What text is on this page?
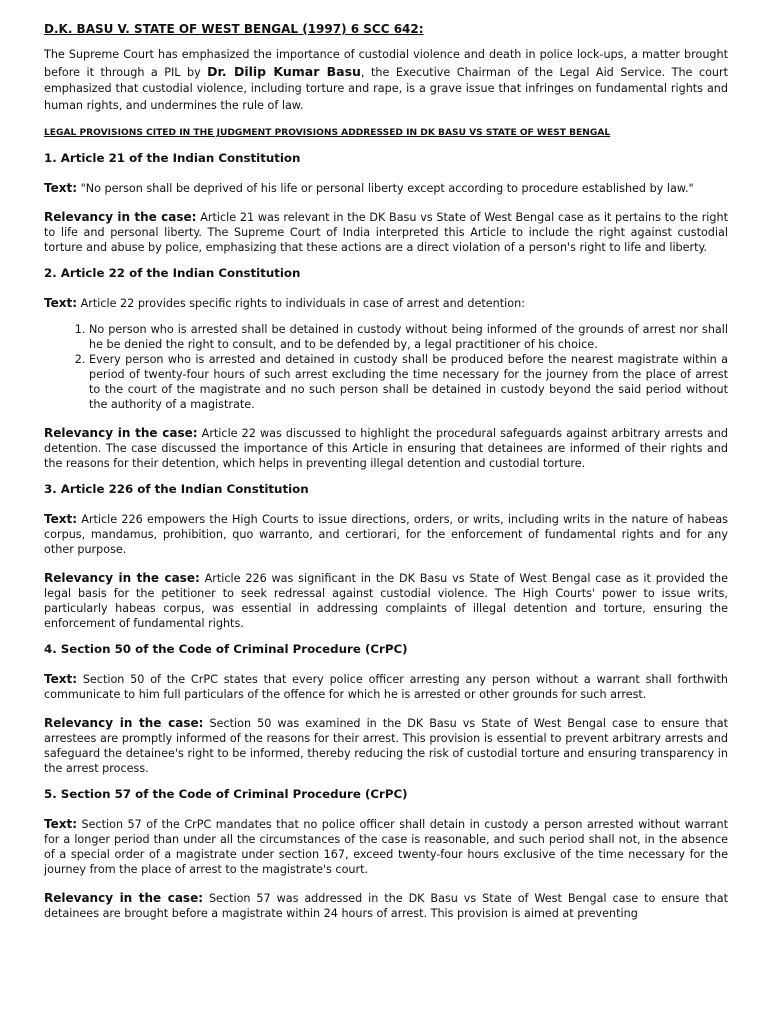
D.K. BASU V. STATE OF WEST BENGAL (1997) 6 SCC 642:

The Supreme Court has emphasized the importance of custodial violence and death in police lock-ups, a matter brought before it through a PIL by Dr. Dilip Kumar Basu, the Executive Chairman of the Legal Aid Service. The court emphasized that custodial violence, including torture and rape, is a grave issue that infringes on fundamental rights and human rights, and undermines the rule of law.

LEGAL PROVISIONS CITED IN THE JUDGMENT PROVISIONS ADDRESSED IN DK BASU VS STATE OF WEST BENGAL

1. Article 21 of the Indian Constitution

Text: "No person shall be deprived of his life or personal liberty except according to procedure established by law."

Relevancy in the case: Article 21 was relevant in the DK Basu vs State of West Bengal case as it pertains to the right to life and personal liberty. The Supreme Court of India interpreted this Article to include the right against custodial torture and abuse by police, emphasizing that these actions are a direct violation of a person's right to life and liberty.

2. Article 22 of the Indian Constitution

Text: Article 22 provides specific rights to individuals in case of arrest and detention:

1. No person who is arrested shall be detained in custody without being informed of the grounds of arrest nor shall he be denied the right to consult, and to be defended by, a legal practitioner of his choice.
2. Every person who is arrested and detained in custody shall be produced before the nearest magistrate within a period of twenty-four hours of such arrest excluding the time necessary for the journey from the place of arrest to the court of the magistrate and no such person shall be detained in custody beyond the said period without the authority of a magistrate.

Relevancy in the case: Article 22 was discussed to highlight the procedural safeguards against arbitrary arrests and detention. The case discussed the importance of this Article in ensuring that detainees are informed of their rights and the reasons for their detention, which helps in preventing illegal detention and custodial torture.

3. Article 226 of the Indian Constitution

Text: Article 226 empowers the High Courts to issue directions, orders, or writs, including writs in the nature of habeas corpus, mandamus, prohibition, quo warranto, and certiorari, for the enforcement of fundamental rights and for any other purpose.

Relevancy in the case: Article 226 was significant in the DK Basu vs State of West Bengal case as it provided the legal basis for the petitioner to seek redressal against custodial violence. The High Courts' power to issue writs, particularly habeas corpus, was essential in addressing complaints of illegal detention and torture, ensuring the enforcement of fundamental rights.

4. Section 50 of the Code of Criminal Procedure (CrPC)

Text: Section 50 of the CrPC states that every police officer arresting any person without a warrant shall forthwith communicate to him full particulars of the offence for which he is arrested or other grounds for such arrest.

Relevancy in the case: Section 50 was examined in the DK Basu vs State of West Bengal case to ensure that arrestees are promptly informed of the reasons for their arrest. This provision is essential to prevent arbitrary arrests and safeguard the detainee's right to be informed, thereby reducing the risk of custodial torture and ensuring transparency in the arrest process.

5. Section 57 of the Code of Criminal Procedure (CrPC)

Text: Section 57 of the CrPC mandates that no police officer shall detain in custody a person arrested without warrant for a longer period than under all the circumstances of the case is reasonable, and such period shall not, in the absence of a special order of a magistrate under section 167, exceed twenty-four hours exclusive of the time necessary for the journey from the place of arrest to the magistrate's court.

Relevancy in the case: Section 57 was addressed in the DK Basu vs State of West Bengal case to ensure that detainees are brought before a magistrate within 24 hours of arrest. This provision is aimed at preventing
